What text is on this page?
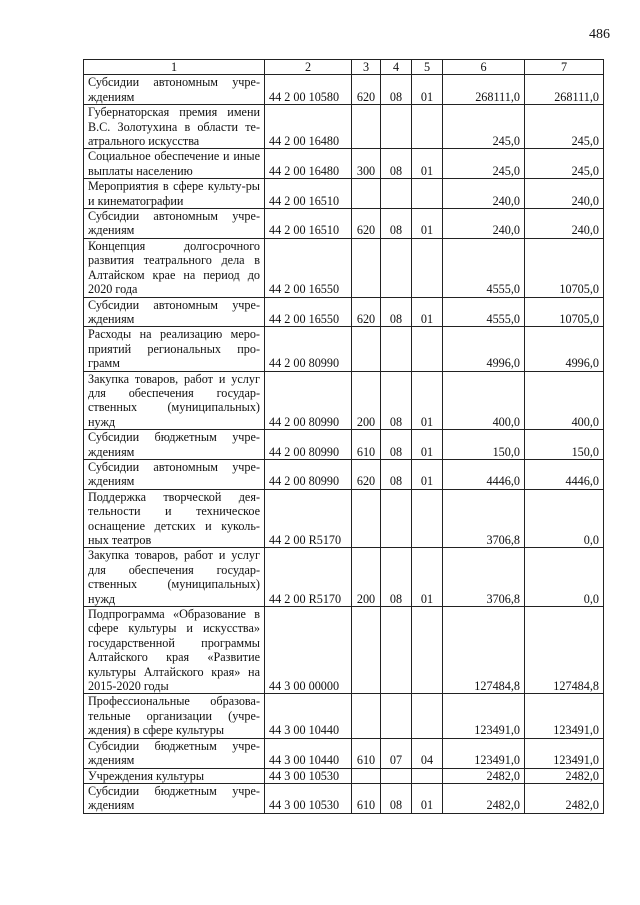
486
1	2	3	4	5	6	7
Субсидии автономным учре-ждениям	44 2 00 10580	620	08	01	268111,0	268111,0
Губернаторская премия имени В.С. Золотухина в области те-атрального искусства	44 2 00 16480				245,0	245,0
Социальное обеспечение и иные выплаты населению	44 2 00 16480	300	08	01	245,0	245,0
Мероприятия в сфере культу-ры и кинематографии	44 2 00 16510				240,0	240,0
Субсидии автономным учре-ждениям	44 2 00 16510	620	08	01	240,0	240,0
Концепция долгосрочного развития театрального дела в Алтайском крае на период до 2020 года	44 2 00 16550				4555,0	10705,0
Субсидии автономным учре-ждениям	44 2 00 16550	620	08	01	4555,0	10705,0
Расходы на реализацию меро-приятий региональных про-грамм	44 2 00 80990				4996,0	4996,0
Закупка товаров, работ и услуг для обеспечения государ-ственных (муниципальных) нужд	44 2 00 80990	200	08	01	400,0	400,0
Субсидии бюджетным учре-ждениям	44 2 00 80990	610	08	01	150,0	150,0
Субсидии автономным учре-ждениям	44 2 00 80990	620	08	01	4446,0	4446,0
Поддержка творческой дея-тельности и техническое оснащение детских и куколь-ных театров	44 2 00 R5170				3706,8	0,0
Закупка товаров, работ и услуг для обеспечения государ-ственных (муниципальных) нужд	44 2 00 R5170	200	08	01	3706,8	0,0
Подпрограмма «Образование в сфере культуры и искусства» государственной программы Алтайского края «Развитие культуры Алтайского края» на 2015-2020 годы	44 3 00 00000				127484,8	127484,8
Профессиональные образова-тельные организации (учре-ждения) в сфере культуры	44 3 00 10440				123491,0	123491,0
Субсидии бюджетным учре-ждениям	44 3 00 10440	610	07	04	123491,0	123491,0
Учреждения культуры	44 3 00 10530				2482,0	2482,0
Субсидии бюджетным учре-ждениям	44 3 00 10530	610	08	01	2482,0	2482,0
